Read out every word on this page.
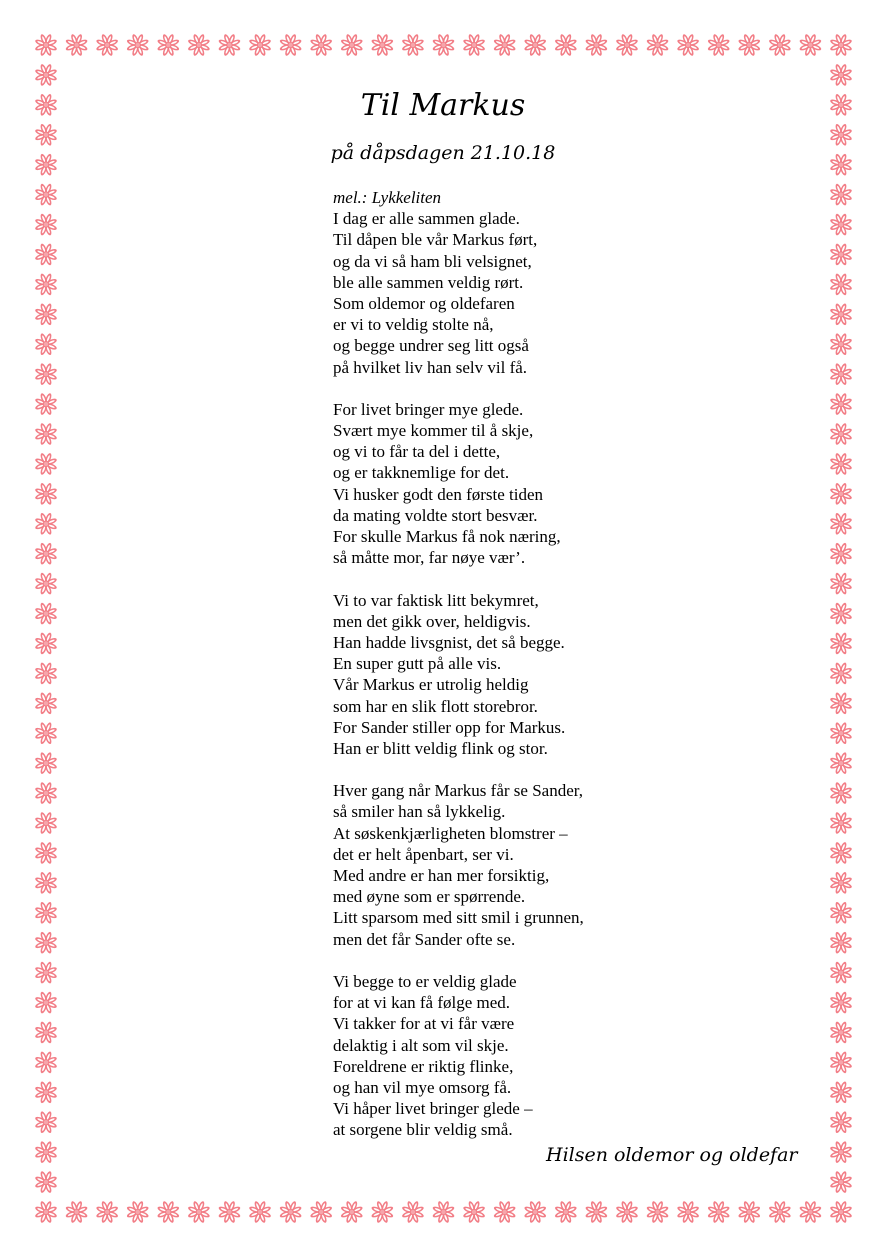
Til Markus
på dåpsdagen 21.10.18
mel.: Lykkeliten
I dag er alle sammen glade.
Til dåpen ble vår Markus ført,
og da vi så ham bli velsignet,
ble alle sammen veldig rørt.
Som oldemor og oldefaren
er vi to veldig stolte nå,
og begge undrer seg litt også
på hvilket liv han selv vil få.
For livet bringer mye glede.
Svært mye kommer til å skje,
og vi to får ta del i dette,
og er takknemlige for det.
Vi husker godt den første tiden
da mating voldte stort besvær.
For skulle Markus få nok næring,
så måtte mor, far nøye vær’.
Vi to var faktisk litt bekymret,
men det gikk over, heldigvis.
Han hadde livsgnist, det så begge.
En super gutt på alle vis.
Vår Markus er utrolig heldig
som har en slik flott storebror.
For Sander stiller opp for Markus.
Han er blitt veldig flink og stor.
Hver gang når Markus får se Sander,
så smiler han så lykkelig.
At søskenkjærligheten blomstrer –
det er helt åpenbart, ser vi.
Med andre er han mer forsiktig,
med øyne som er spørrende.
Litt sparsom med sitt smil i grunnen,
men det får Sander ofte se.
Vi begge to er veldig glade
for at vi kan få følge med.
Vi takker for at vi får være
delaktig i alt som vil skje.
Foreldrene er riktig flinke,
og han vil mye omsorg få.
Vi håper livet bringer glede –
at sorgene blir veldig små.
Hilsen oldemor og oldefar
